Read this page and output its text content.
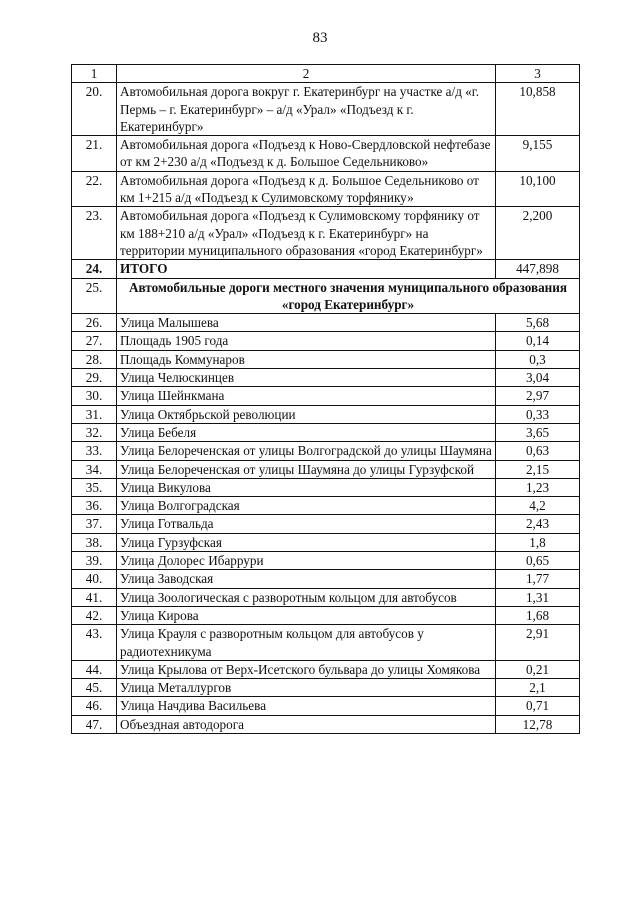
83
1	2	3
20.	Автомобильная дорога вокруг г. Екатеринбург на участке а/д «г. Пермь – г. Екатеринбург» – а/д «Урал» «Подъезд к г. Екатеринбург»	10,858
21.	Автомобильная дорога «Подъезд к Ново-Свердловской нефтебазе от км 2+230 а/д «Подъезд к д. Большое Седельниково»	9,155
22.	Автомобильная дорога «Подъезд к д. Большое Седельниково от км 1+215 а/д «Подъезд к Сулимовскому торфянику»	10,100
23.	Автомобильная дорога «Подъезд к Сулимовскому торфянику от км 188+210 а/д «Урал» «Подъезд к г. Екатеринбург» на территории муниципального образования «город Екатеринбург»	2,200
24.	ИТОГО	447,898
25.	Автомобильные дороги местного значения муниципального образования «город Екатеринбург»	
26.	Улица Малышева	5,68
27.	Площадь 1905 года	0,14
28.	Площадь Коммунаров	0,3
29.	Улица Челюскинцев	3,04
30.	Улица Шейнкмана	2,97
31.	Улица Октябрьской революции	0,33
32.	Улица Бебеля	3,65
33.	Улица Белореченская от улицы Волгоградской до улицы Шаумяна	0,63
34.	Улица Белореченская от улицы Шаумяна до улицы Гурзуфской	2,15
35.	Улица Викулова	1,23
36.	Улица Волгоградская	4,2
37.	Улица Готвальда	2,43
38.	Улица Гурзуфская	1,8
39.	Улица Долорес Ибаррури	0,65
40.	Улица Заводская	1,77
41.	Улица Зоологическая с разворотным кольцом для автобусов	1,31
42.	Улица Кирова	1,68
43.	Улица Крауля с разворотным кольцом для автобусов у радиотехникума	2,91
44.	Улица Крылова от Верх-Исетского бульвара до улицы Хомякова	0,21
45.	Улица Металлургов	2,1
46.	Улица Начдива Васильева	0,71
47.	Объездная автодорога	12,78
